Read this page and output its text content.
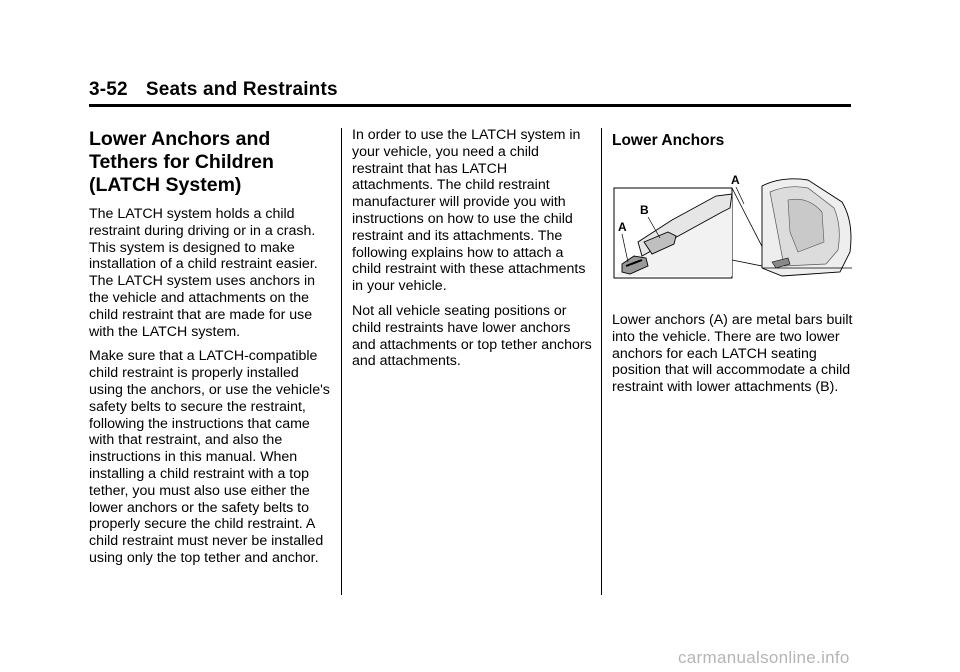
3-52 Seats and Restraints
Lower Anchors and
Tethers for Children
(LATCH System)

The LATCH system holds a child restraint during driving or in a crash. This system is designed to make installation of a child restraint easier. The LATCH system uses anchors in the vehicle and attachments on the child restraint that are made for use with the LATCH system.

Make sure that a LATCH-compatible child restraint is properly installed using the anchors, or use the vehicle's safety belts to secure the restraint, following the instructions that came with that restraint, and also the instructions in this manual. When installing a child restraint with a top tether, you must also use either the lower anchors or the safety belts to properly secure the child restraint. A child restraint must never be installed using only the top tether and anchor.

In order to use the LATCH system in your vehicle, you need a child restraint that has LATCH attachments. The child restraint manufacturer will provide you with instructions on how to use the child restraint and its attachments. The following explains how to attach a child restraint with these attachments in your vehicle.

Not all vehicle seating positions or child restraints have lower anchors and attachments or top tether anchors and attachments.

Lower Anchors
A
B
A

Lower anchors (A) are metal bars built into the vehicle. There are two lower anchors for each LATCH seating position that will accommodate a child restraint with lower attachments (B).

carmanualsonline.info
